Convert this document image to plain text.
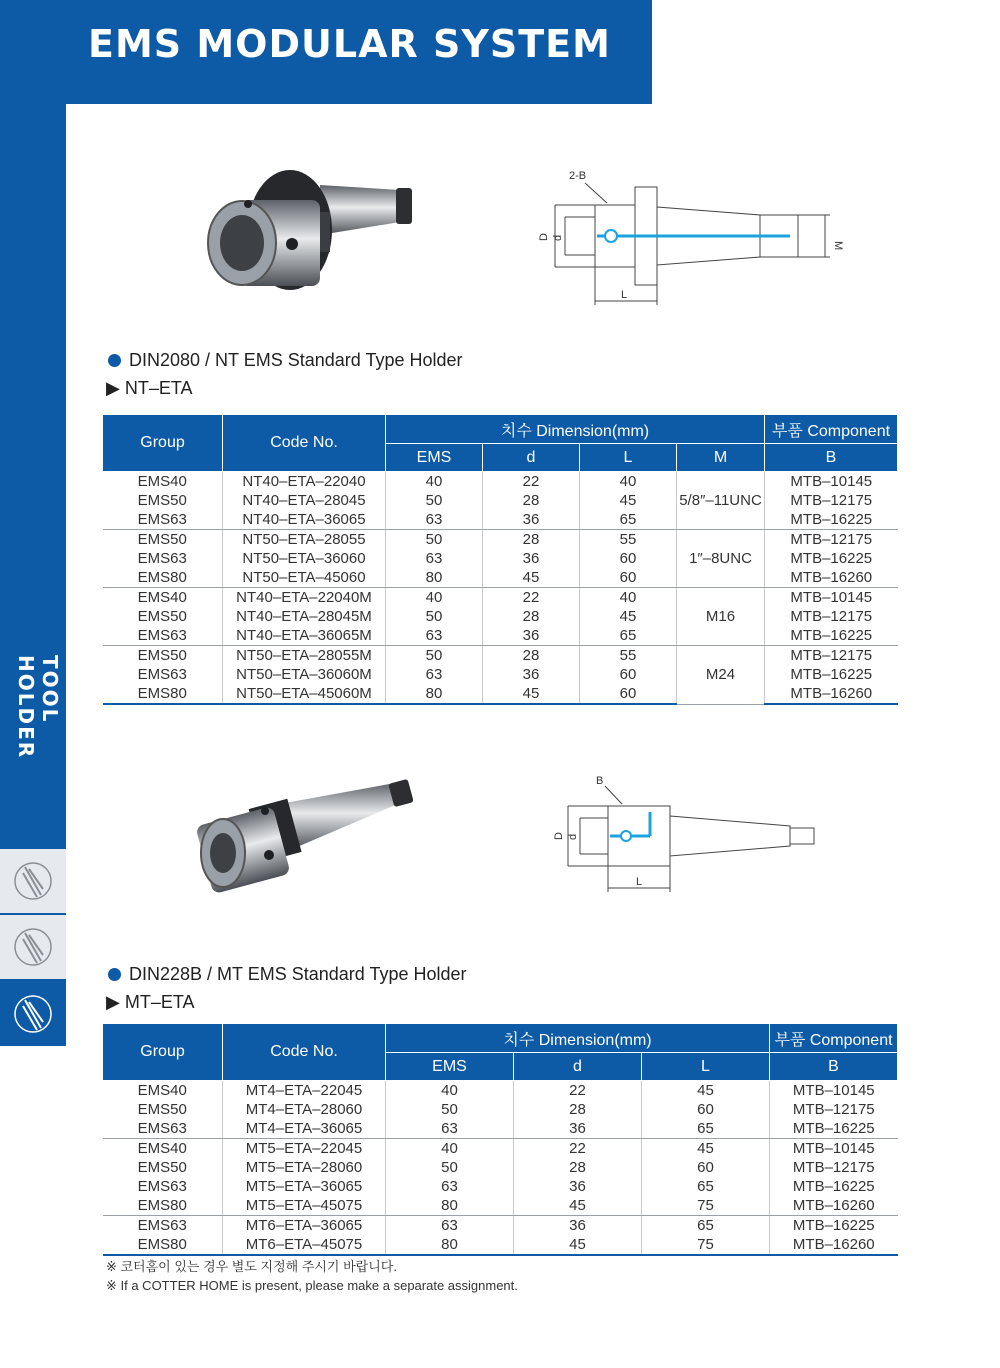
EMS MODULAR SYSTEM
TOOL HOLDER
2-B
D d
M
L
DIN2080 / NT EMS Standard Type Holder
▶ NT–ETA
Group	Code No.	치수 Dimension(mm)				부품 Component
		EMS	d	L	M	B
EMS40	NT40–ETA–22040	40	22	40	5/8″–11UNC	MTB–10145
EMS50	NT40–ETA–28045	50	28	45		MTB–12175
EMS63	NT40–ETA–36065	63	36	65		MTB–16225
EMS50	NT50–ETA–28055	50	28	55	1″–8UNC	MTB–12175
EMS63	NT50–ETA–36060	63	36	60		MTB–16225
EMS80	NT50–ETA–45060	80	45	60		MTB–16260
EMS40	NT40–ETA–22040M	40	22	40	M16	MTB–10145
EMS50	NT40–ETA–28045M	50	28	45		MTB–12175
EMS63	NT40–ETA–36065M	63	36	65		MTB–16225
EMS50	NT50–ETA–28055M	50	28	55	M24	MTB–12175
EMS63	NT50–ETA–36060M	63	36	60		MTB–16225
EMS80	NT50–ETA–45060M	80	45	60		MTB–16260
B
D d
L
DIN228B / MT EMS Standard Type Holder
▶ MT–ETA
Group	Code No.	치수 Dimension(mm)			부품 Component
		EMS	d	L	B
EMS40	MT4–ETA–22045	40	22	45	MTB–10145
EMS50	MT4–ETA–28060	50	28	60	MTB–12175
EMS63	MT4–ETA–36065	63	36	65	MTB–16225
EMS40	MT5–ETA–22045	40	22	45	MTB–10145
EMS50	MT5–ETA–28060	50	28	60	MTB–12175
EMS63	MT5–ETA–36065	63	36	65	MTB–16225
EMS80	MT5–ETA–45075	80	45	75	MTB–16260
EMS63	MT6–ETA–36065	63	36	65	MTB–16225
EMS80	MT6–ETA–45075	80	45	75	MTB–16260
※ 코터홈이 있는 경우 별도 지정해 주시기 바랍니다.
※ If a COTTER HOME is present, please make a separate assignment.
